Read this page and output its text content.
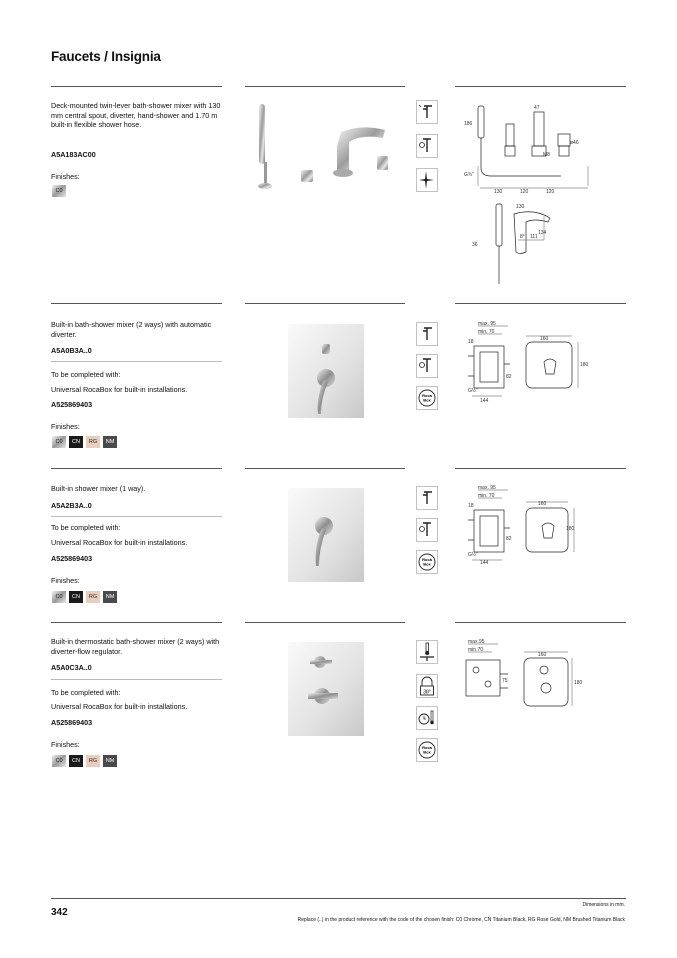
Faucets / Insignia
Deck-mounted twin-lever bath-shower mixer with 130 mm central spout, diverter, hand-shower and 1.70 m built-in flexible shower hose.
A5A183AC00
Finishes:
C0
186
47
ø46
M8
G¾"
130	120	120
130
8° 111
134
36
Built-in bath-shower mixer (2 ways) with automatic diverter.
A5A0B3A..0
To be completed with:
Universal RocaBox for built-in installations.
A525869403
Finishes:
C0	CN	RG	NM
Roca
Box
max. 95
min. 70
18	160
180
82
G½"
144
Built-in shower mixer (1 way).
A5A2B3A..0
To be completed with:
Universal RocaBox for built-in installations.
A525869403
Finishes:
C0	CN	RG	NM
Roca
Box
max. 95
min. 70
18	160
180
82
G½"
144
Built-in thermostatic bath-shower mixer (2 ways) with diverter-flow regulator.
A5A0C3A..0
To be completed with:
Universal RocaBox for built-in installations.
A525869403
Finishes:
C0	CN	RG	NM
38°
Roca
Box
max.95
min.70
160
180
75
342
Dimensions in mm.
Replace (..) in the product reference with the code of the chosen finish: C0 Chrome, CN Titanium Black, RG Rose Gold, NM Brushed Titanium Black
